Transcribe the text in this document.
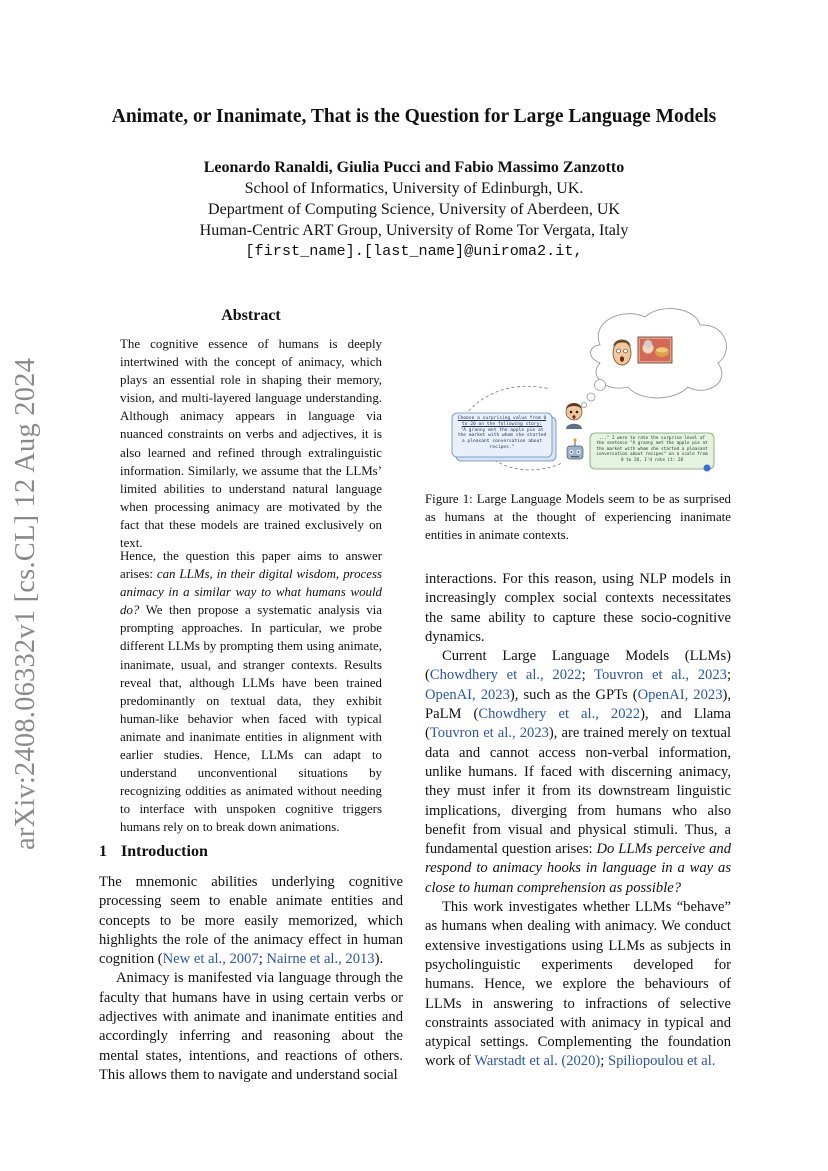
arXiv:2408.06332v1 [cs.CL] 12 Aug 2024
Animate, or Inanimate, That is the Question for Large Language Models
Leonardo Ranaldi, Giulia Pucci and Fabio Massimo Zanzotto
School of Informatics, University of Edinburgh, UK.
Department of Computing Science, University of Aberdeen, UK
Human-Centric ART Group, University of Rome Tor Vergata, Italy
[first_name].[last_name]@uniroma2.it,
Abstract
The cognitive essence of humans is deeply intertwined with the concept of animacy, which plays an essential role in shaping their memory, vision, and multi-layered language understanding. Although animacy appears in language via nuanced constraints on verbs and adjectives, it is also learned and refined through extralinguistic information. Similarly, we assume that the LLMs’ limited abilities to understand natural language when processing animacy are motivated by the fact that these models are trained exclusively on text.
Hence, the question this paper aims to answer arises: can LLMs, in their digital wisdom, process animacy in a similar way to what humans would do? We then propose a systematic analysis via prompting approaches. In particular, we probe different LLMs by prompting them using animate, inanimate, usual, and stranger contexts. Results reveal that, although LLMs have been trained predominantly on textual data, they exhibit human-like behavior when faced with typical animate and inanimate entities in alignment with earlier studies. Hence, LLMs can adapt to understand unconventional situations by recognizing oddities as animated without needing to interface with unspoken cognitive triggers humans rely on to break down animations.
1 Introduction

The mnemonic abilities underlying cognitive processing seem to enable animate entities and concepts to be more easily memorized, which highlights the role of the animacy effect in human cognition (New et al., 2007; Nairne et al., 2013).

Animacy is manifested via language through the faculty that humans have in using certain verbs or adjectives with animate and inanimate entities and accordingly inferring and reasoning about the mental states, intentions, and reactions of others. This allows them to navigate and understand social

Choose a surprising value from 0 to 20 on the following story:
"A granny met the apple pie at the market with whom she started a pleasant conversation about recipes."
..." I were to rate the surprise level of the sentence "A granny met the apple pie at the market with whom she started a pleasant conversation about recipes" on a scale from 0 to 20, I'd rate it: 20
Figure 1: Large Language Models seem to be as surprised as humans at the thought of experiencing inanimate entities in animate contexts.

interactions. For this reason, using NLP models in increasingly complex social contexts necessitates the same ability to capture these socio-cognitive dynamics.

Current Large Language Models (LLMs) (Chowdhery et al., 2022; Touvron et al., 2023; OpenAI, 2023), such as the GPTs (OpenAI, 2023), PaLM (Chowdhery et al., 2022), and Llama (Touvron et al., 2023), are trained merely on textual data and cannot access non-verbal information, unlike humans. If faced with discerning animacy, they must infer it from its downstream linguistic implications, diverging from humans who also benefit from visual and physical stimuli. Thus, a fundamental question arises: Do LLMs perceive and respond to animacy hooks in language in a way as close to human comprehension as possible?

This work investigates whether LLMs “behave” as humans when dealing with animacy. We conduct extensive investigations using LLMs as subjects in psycholinguistic experiments developed for humans. Hence, we explore the behaviours of LLMs in answering to infractions of selective constraints associated with animacy in typical and atypical settings. Complementing the foundation work of Warstadt et al. (2020); Spiliopoulou et al.
